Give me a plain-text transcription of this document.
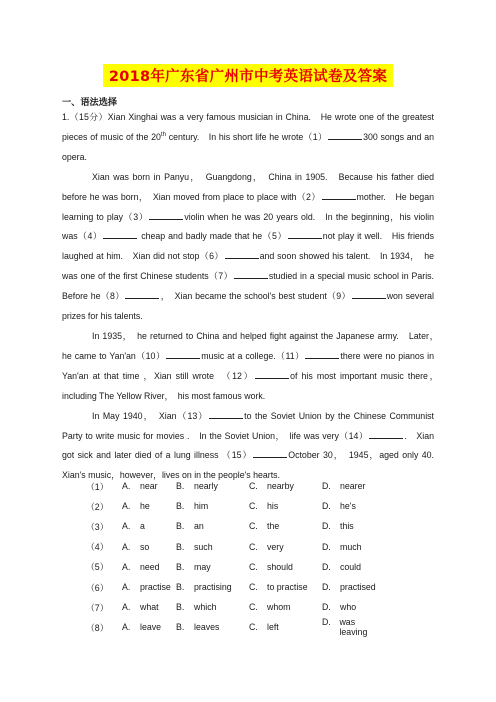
2018年广东省广州市中考英语试卷及答案
一、语法选择

1.（15分）Xian Xinghai was a very famous musician in China.　He wrote one of the greatest pieces of music of the 20th century.　In his short life he wrote（1）	300 songs and an opera.

Xian was born in Panyu，　Guangdong，　China in 1905.　Because his father died before he was born，　Xian moved from place to place with（2）	mother.　He began learning to play（3）	violin when he was 20 years old.　In the beginning，his violin was（4）	cheap and badly made that he（5）	not play it well.　His friends laughed at him.　Xian did not stop（6）	and soon showed his talent.　In 1934，　he was one of the first Chinese students（7）	studied in a special music school in Paris.　Before he（8）	，　Xian became the school's best student（9）	won several prizes for his talents.

In 1935，　he returned to China and helped fight against the Japanese army.　Later，　he came to Yan'an（10）	music at a college.（11）	there were no pianos in Yan'an at that time ，Xian still wrote　（12）	of his most important music there，　including The Yellow River，　his most famous work.

In May 1940，　Xian（13）	to the Soviet Union by the Chinese Communist Party to write music for movies .　In the Soviet Union，　life was very（14）	.　Xian got sick and later died of a lung illness （15）	October 30，　1945，aged only 40.　Xian's music，however，lives on in the people's hearts.

（1）	A.	near B.	nearly	C.	nearby	D.	nearer
（2）	A.	he	B.	him	C.	his	D.	he's
（3）	A.	a	B.	an	C.	the	D.	this
（4）	A.	so	B.	such	C.	very	D.	much
（5）	A.	need B.	may	C.	should	D.	could
（6）	A.	practise B.	practising C.	to practise D.	practised
（7）	A.	what B.	which	C.	whom	D.	who
（8）	A.	leave B.	leaves	C.	left	D. was leaving
